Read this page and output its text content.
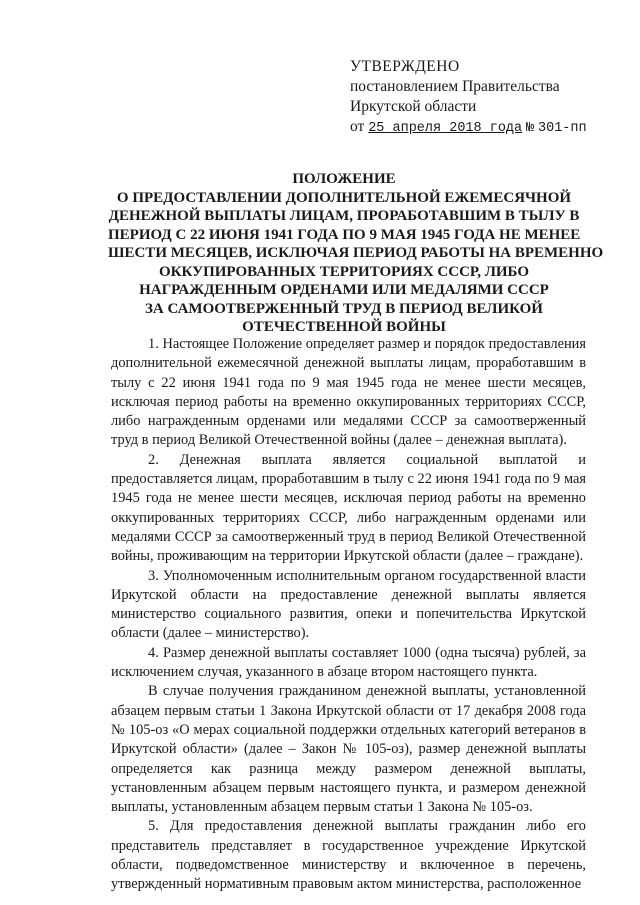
УТВЕРЖДЕНО
постановлением Правительства
Иркутской области
от 25 апреля 2018 года № 301-пп
ПОЛОЖЕНИЕ
О ПРЕДОСТАВЛЕНИИ ДОПОЛНИТЕЛЬНОЙ ЕЖЕМЕСЯЧНОЙ
ДЕНЕЖНОЙ ВЫПЛАТЫ ЛИЦАМ, ПРОРАБОТАВШИМ В ТЫЛУ В
ПЕРИОД С 22 ИЮНЯ 1941 ГОДА ПО 9 МАЯ 1945 ГОДА НЕ МЕНЕЕ
ШЕСТИ МЕСЯЦЕВ, ИСКЛЮЧАЯ ПЕРИОД РАБОТЫ НА ВРЕМЕННО
ОККУПИРОВАННЫХ ТЕРРИТОРИЯХ СССР, ЛИБО
НАГРАЖДЕННЫМ ОРДЕНАМИ ИЛИ МЕДАЛЯМИ СССР
ЗА САМООТВЕРЖЕННЫЙ ТРУД В ПЕРИОД ВЕЛИКОЙ
ОТЕЧЕСТВЕННОЙ ВОЙНЫ

1. Настоящее Положение определяет размер и порядок предоставления дополнительной ежемесячной денежной выплаты лицам, проработавшим в тылу с 22 июня 1941 года по 9 мая 1945 года не менее шести месяцев, исключая период работы на временно оккупированных территориях СССР, либо награжденным орденами или медалями СССР за самоотверженный труд в период Великой Отечественной войны (далее – денежная выплата).

2. Денежная выплата является социальной выплатой и предоставляется лицам, проработавшим в тылу с 22 июня 1941 года по 9 мая 1945 года не менее шести месяцев, исключая период работы на временно оккупированных территориях СССР, либо награжденным орденами или медалями СССР за самоотверженный труд в период Великой Отечественной войны, проживающим на территории Иркутской области (далее – граждане).

3. Уполномоченным исполнительным органом государственной власти Иркутской области на предоставление денежной выплаты является министерство социального развития, опеки и попечительства Иркутской области (далее – министерство).

4. Размер денежной выплаты составляет 1000 (одна тысяча) рублей, за исключением случая, указанного в абзаце втором настоящего пункта.

В случае получения гражданином денежной выплаты, установленной абзацем первым статьи 1 Закона Иркутской области от 17 декабря 2008 года № 105-оз «О мерах социальной поддержки отдельных категорий ветеранов в Иркутской области» (далее – Закон № 105-оз), размер денежной выплаты определяется как разница между размером денежной выплаты, установленным абзацем первым настоящего пункта, и размером денежной выплаты, установленным абзацем первым статьи 1 Закона № 105-оз.

5. Для предоставления денежной выплаты гражданин либо его представитель представляет в государственное учреждение Иркутской области, подведомственное министерству и включенное в перечень, утвержденный нормативным правовым актом министерства, расположенное
